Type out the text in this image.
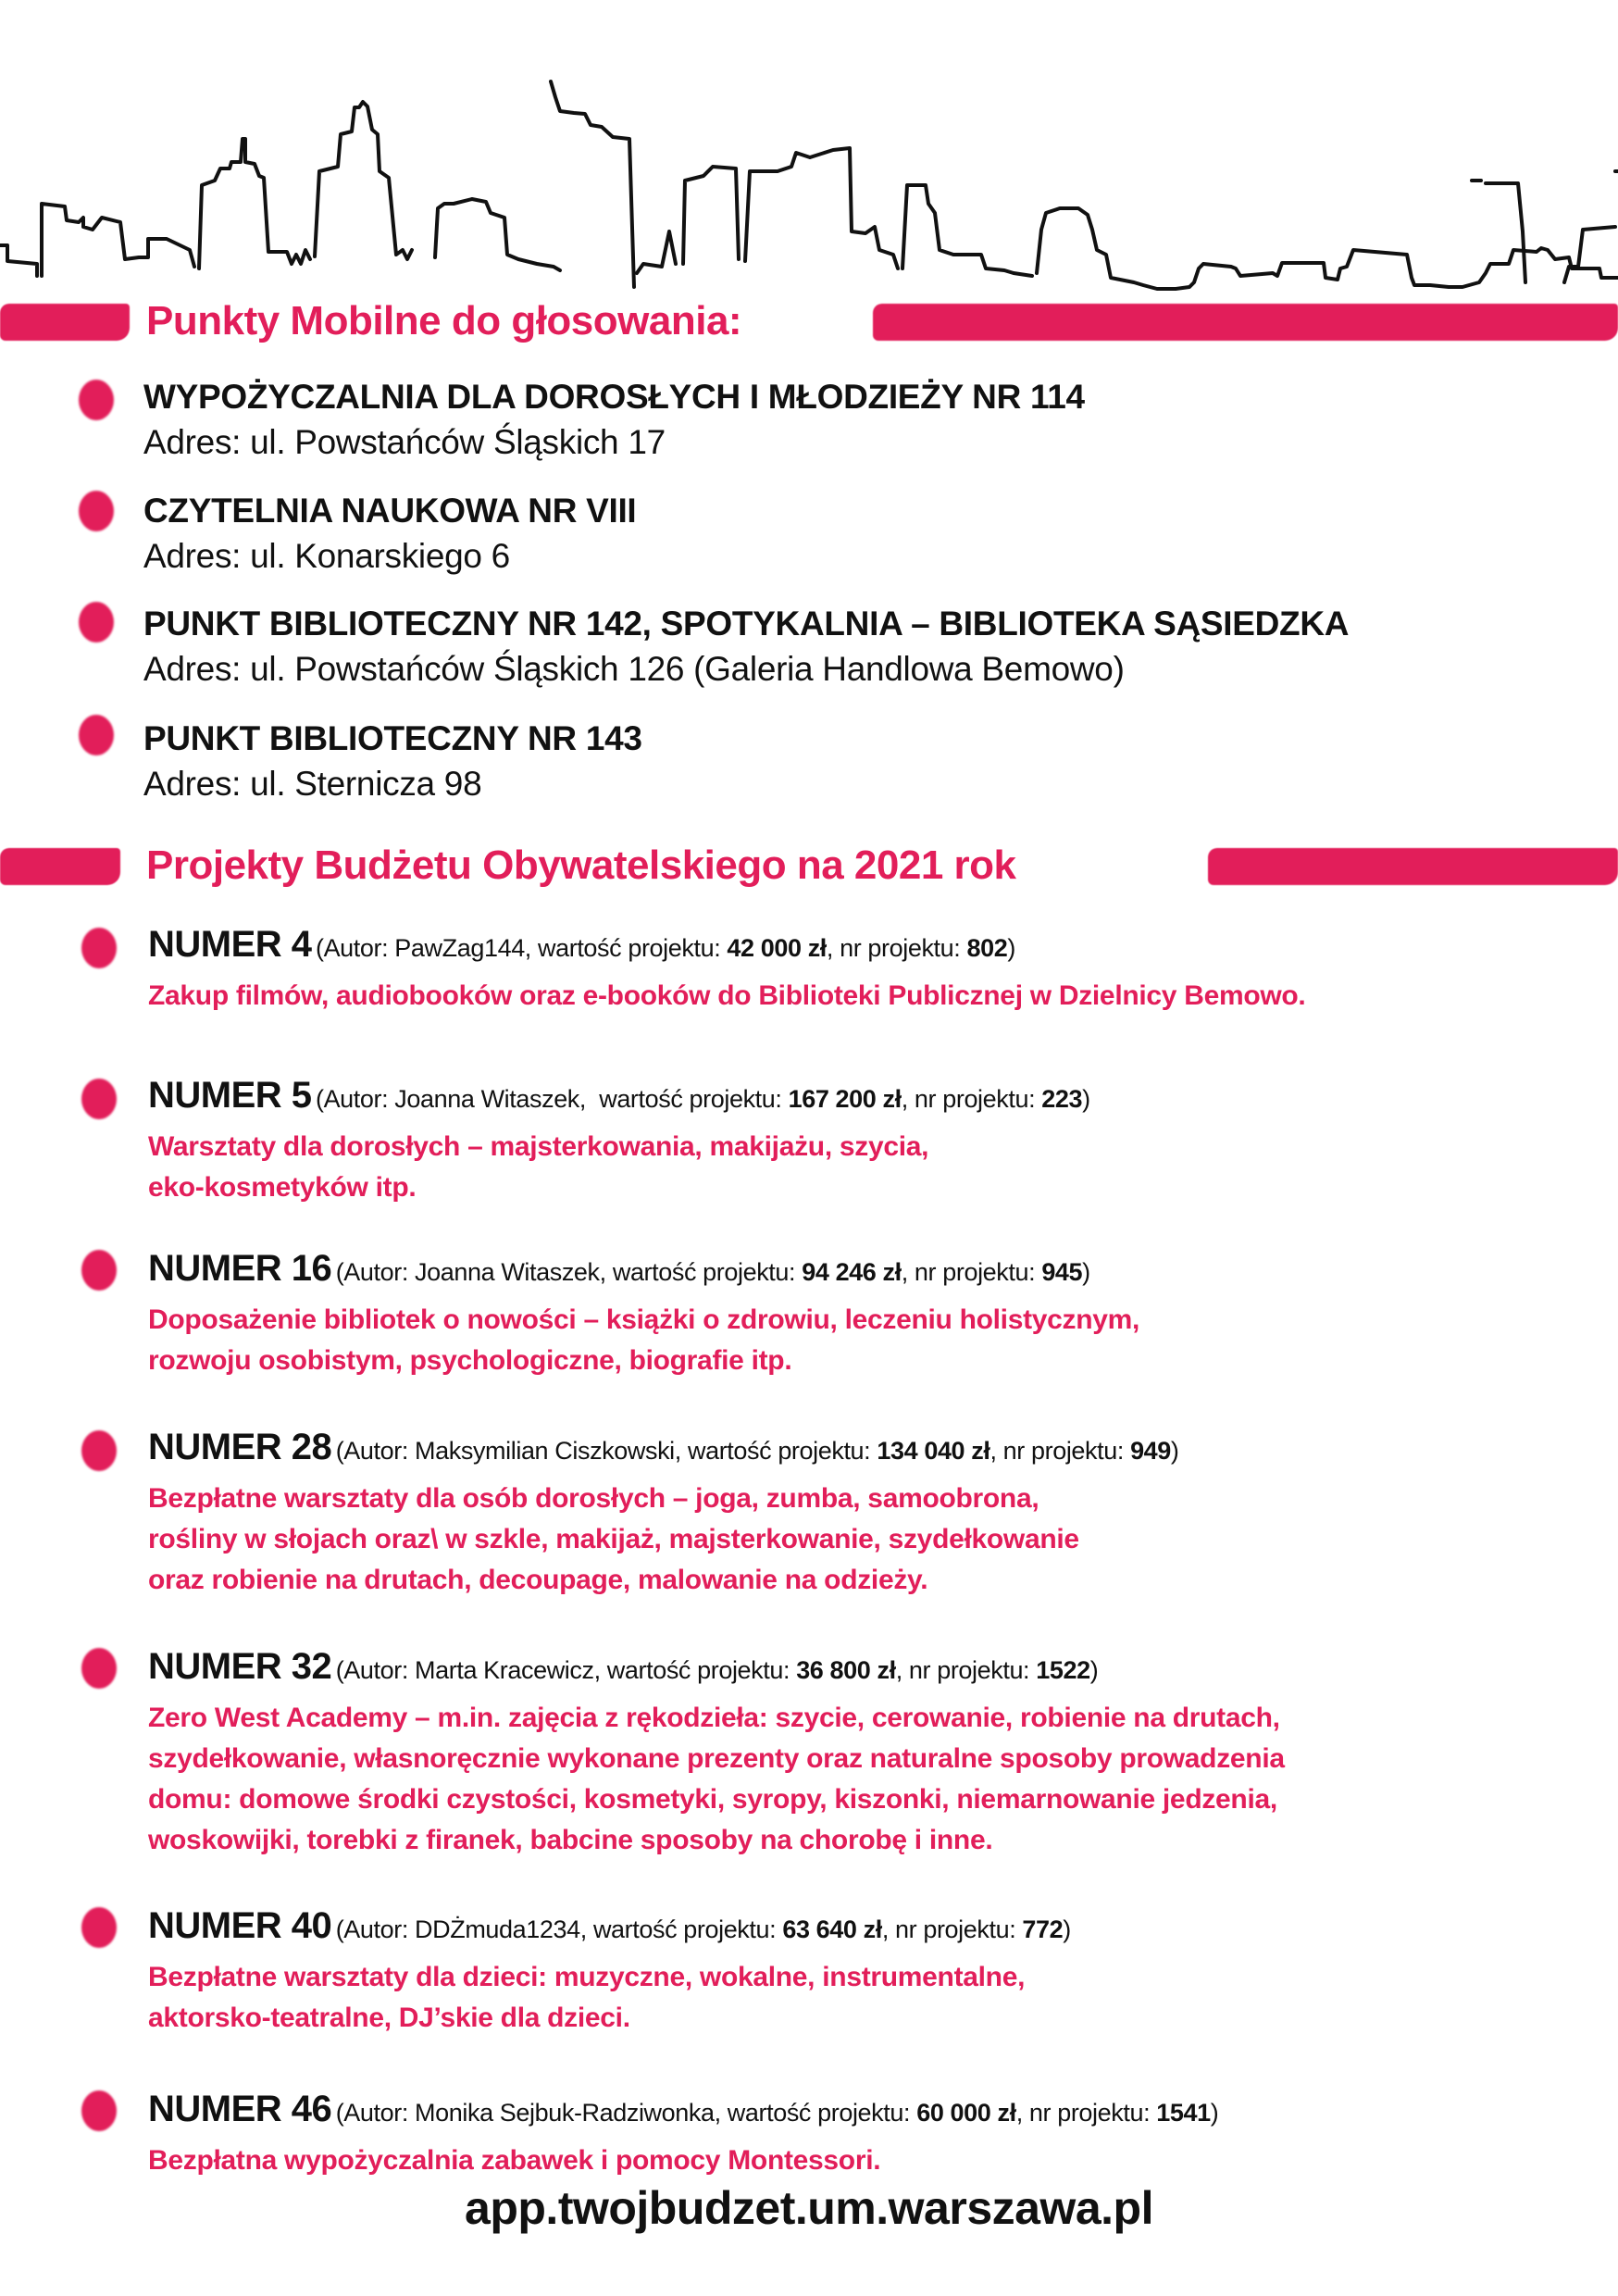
Punkty Mobilne do głosowania:
WYPOŻYCZALNIA DLA DOROSŁYCH I MŁODZIEŻY NR 114
Adres: ul. Powstańców Śląskich 17
CZYTELNIA NAUKOWA NR VIII
Adres: ul. Konarskiego 6
PUNKT BIBLIOTECZNY NR 142, SPOTYKALNIA – BIBLIOTEKA SĄSIEDZKA
Adres: ul. Powstańców Śląskich 126 (Galeria Handlowa Bemowo)
PUNKT BIBLIOTECZNY NR 143
Adres: ul. Sternicza 98
Projekty Budżetu Obywatelskiego na 2021 rok
NUMER 4 (Autor: PawZag144, wartość projektu: 42 000 zł, nr projektu: 802)
Zakup filmów, audiobooków oraz e-booków do Biblioteki Publicznej w Dzielnicy Bemowo.
NUMER 5 (Autor: Joanna Witaszek,  wartość projektu: 167 200 zł, nr projektu: 223)
Warsztaty dla dorosłych – majsterkowania, makijażu, szycia,
eko-kosmetyków itp.
NUMER 16 (Autor: Joanna Witaszek, wartość projektu: 94 246 zł, nr projektu: 945)
Doposażenie bibliotek o nowości – książki o zdrowiu, leczeniu holistycznym,
rozwoju osobistym, psychologiczne, biografie itp.
NUMER 28 (Autor: Maksymilian Ciszkowski, wartość projektu: 134 040 zł, nr projektu: 949)
Bezpłatne warsztaty dla osób dorosłych – joga, zumba, samoobrona,
rośliny w słojach oraz\ w szkle, makijaż, majsterkowanie, szydełkowanie
oraz robienie na drutach, decoupage, malowanie na odzieży.
NUMER 32 (Autor: Marta Kracewicz, wartość projektu: 36 800 zł, nr projektu: 1522)
Zero West Academy – m.in. zajęcia z rękodzieła: szycie, cerowanie, robienie na drutach,
szydełkowanie, własnoręcznie wykonane prezenty oraz naturalne sposoby prowadzenia
domu: domowe środki czystości, kosmetyki, syropy, kiszonki, niemarnowanie jedzenia,
woskowijki, torebki z firanek, babcine sposoby na chorobę i inne.
NUMER 40 (Autor: DDŻmuda1234, wartość projektu: 63 640 zł, nr projektu: 772)
Bezpłatne warsztaty dla dzieci: muzyczne, wokalne, instrumentalne,
aktorsko-teatralne, DJ’skie dla dzieci.
NUMER 46 (Autor: Monika Sejbuk-Radziwonka, wartość projektu: 60 000 zł, nr projektu: 1541)
Bezpłatna wypożyczalnia zabawek i pomocy Montessori.
app.twojbudzet.um.warszawa.pl
